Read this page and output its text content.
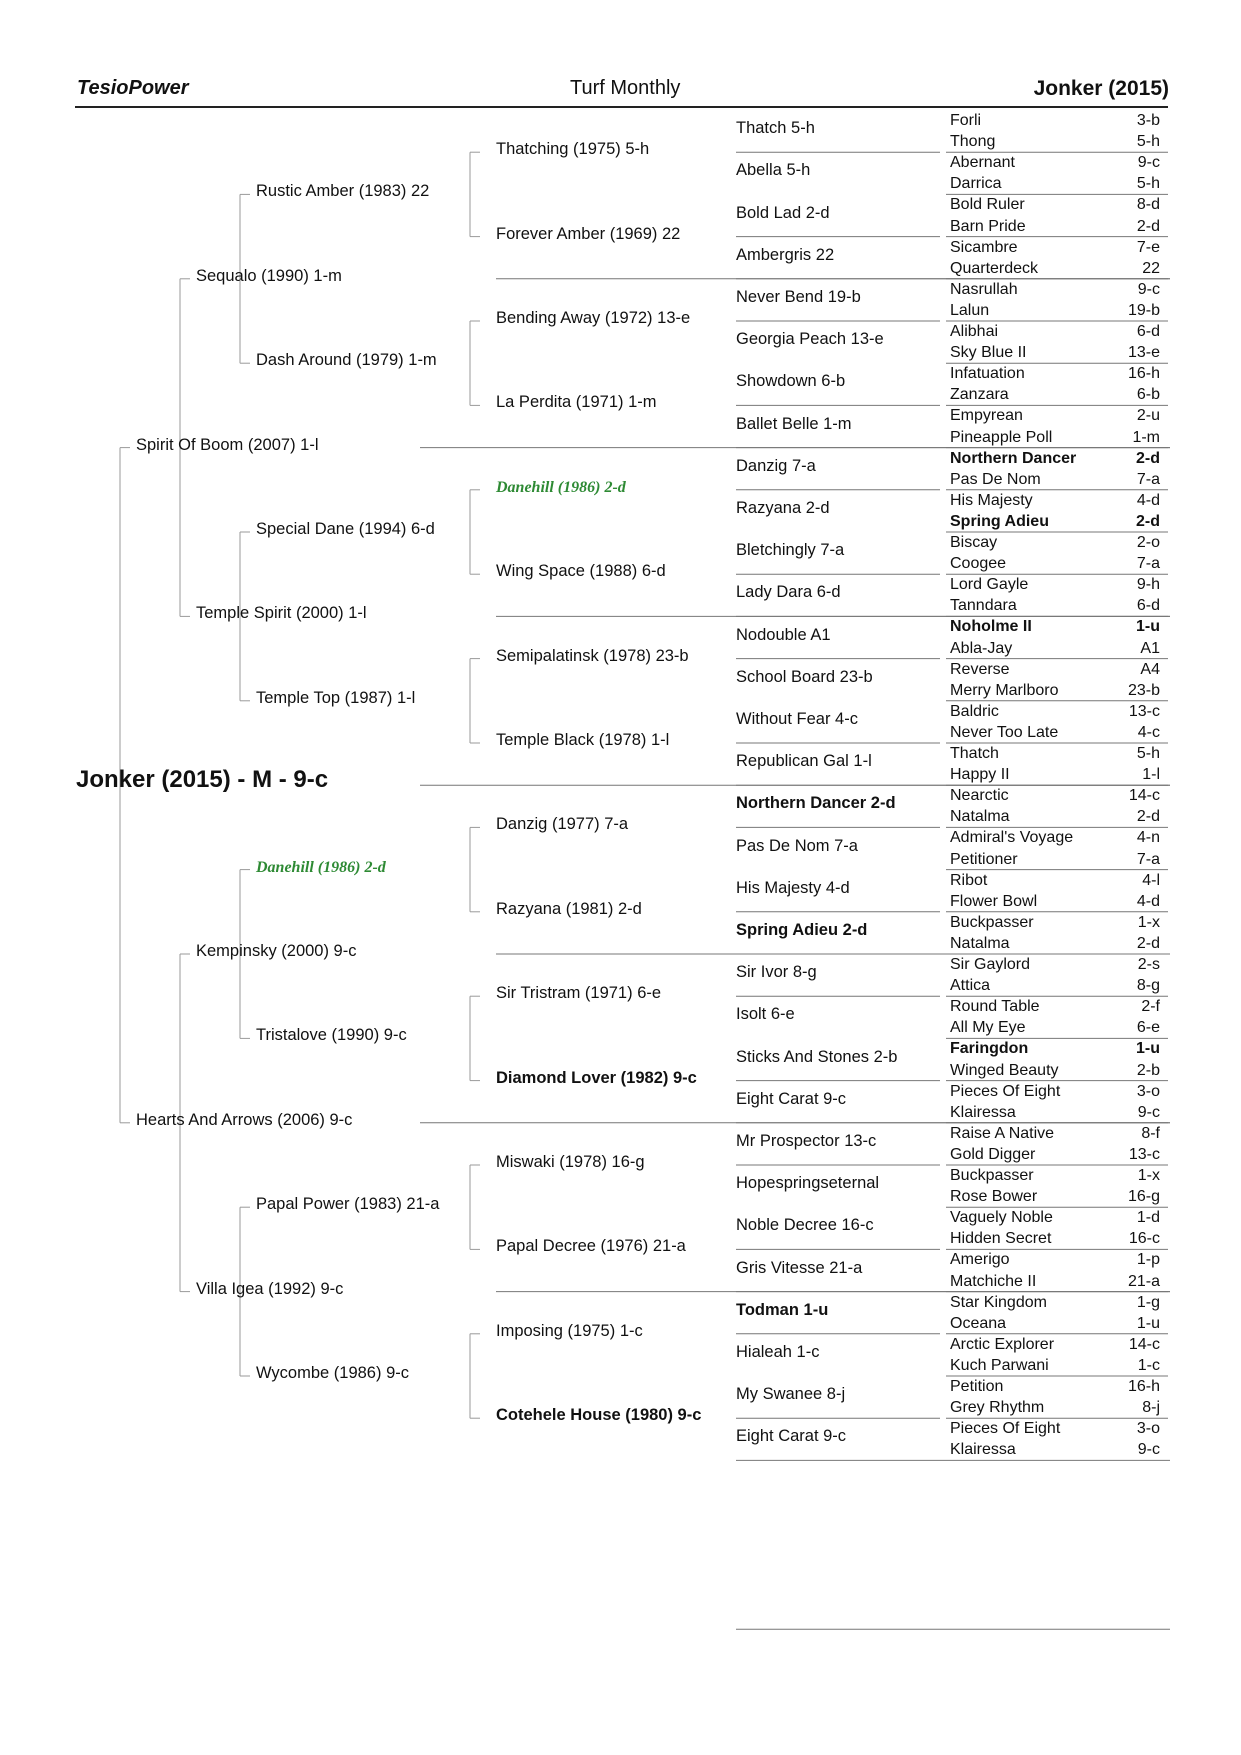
TesioPower	Turf Monthly	Jonker (2015)
Jonker (2015) - M - 9-c
Spirit Of Boom (2007) 1-l
Hearts And Arrows (2006) 9-c
Sequalo (1990) 1-m
Temple Spirit (2000) 1-l
Kempinsky (2000) 9-c
Villa Igea (1992) 9-c
Rustic Amber (1983) 22
Dash Around (1979) 1-m
Special Dane (1994) 6-d
Temple Top (1987) 1-l
Danehill (1986) 2-d
Tristalove (1990) 9-c
Papal Power (1983) 21-a
Wycombe (1986) 9-c
Thatching (1975) 5-h
Forever Amber (1969) 22
Bending Away (1972) 13-e
La Perdita (1971) 1-m
Danehill (1986) 2-d
Wing Space (1988) 6-d
Semipalatinsk (1978) 23-b
Temple Black (1978) 1-l
Danzig (1977) 7-a
Razyana (1981) 2-d
Sir Tristram (1971) 6-e
Diamond Lover (1982) 9-c
Miswaki (1978) 16-g
Papal Decree (1976) 21-a
Imposing (1975) 1-c
Cotehele House (1980) 9-c
Thatch 5-h
Abella 5-h
Bold Lad 2-d
Ambergris 22
Never Bend 19-b
Georgia Peach 13-e
Showdown 6-b
Ballet Belle 1-m
Danzig 7-a
Razyana 2-d
Bletchingly 7-a
Lady Dara 6-d
Nodouble A1
School Board 23-b
Without Fear 4-c
Republican Gal 1-l
Northern Dancer 2-d
Pas De Nom 7-a
His Majesty 4-d
Spring Adieu 2-d
Sir Ivor 8-g
Isolt 6-e
Sticks And Stones 2-b
Eight Carat 9-c
Mr Prospector 13-c
Hopespringseternal
Noble Decree 16-c
Gris Vitesse 21-a
Todman 1-u
Hialeah 1-c
My Swanee 8-j
Eight Carat 9-c
Forli	3-b
Thong	5-h
Abernant	9-c
Darrica	5-h
Bold Ruler	8-d
Barn Pride	2-d
Sicambre	7-e
Quarterdeck	22
Nasrullah	9-c
Lalun	19-b
Alibhai	6-d
Sky Blue II	13-e
Infatuation	16-h
Zanzara	6-b
Empyrean	2-u
Pineapple Poll	1-m
Northern Dancer	2-d
Pas De Nom	7-a
His Majesty	4-d
Spring Adieu	2-d
Biscay	2-o
Coogee	7-a
Lord Gayle	9-h
Tanndara	6-d
Noholme II	1-u
Abla-Jay	A1
Reverse	A4
Merry Marlboro	23-b
Baldric	13-c
Never Too Late	4-c
Thatch	5-h
Happy II	1-l
Nearctic	14-c
Natalma	2-d
Admiral's Voyage	4-n
Petitioner	7-a
Ribot	4-l
Flower Bowl	4-d
Buckpasser	1-x
Natalma	2-d
Sir Gaylord	2-s
Attica	8-g
Round Table	2-f
All My Eye	6-e
Faringdon	1-u
Winged Beauty	2-b
Pieces Of Eight	3-o
Klairessa	9-c
Raise A Native	8-f
Gold Digger	13-c
Buckpasser	1-x
Rose Bower	16-g
Vaguely Noble	1-d
Hidden Secret	16-c
Amerigo	1-p
Matchiche II	21-a
Star Kingdom	1-g
Oceana	1-u
Arctic Explorer	14-c
Kuch Parwani	1-c
Petition	16-h
Grey Rhythm	8-j
Pieces Of Eight	3-o
Klairessa	9-c
